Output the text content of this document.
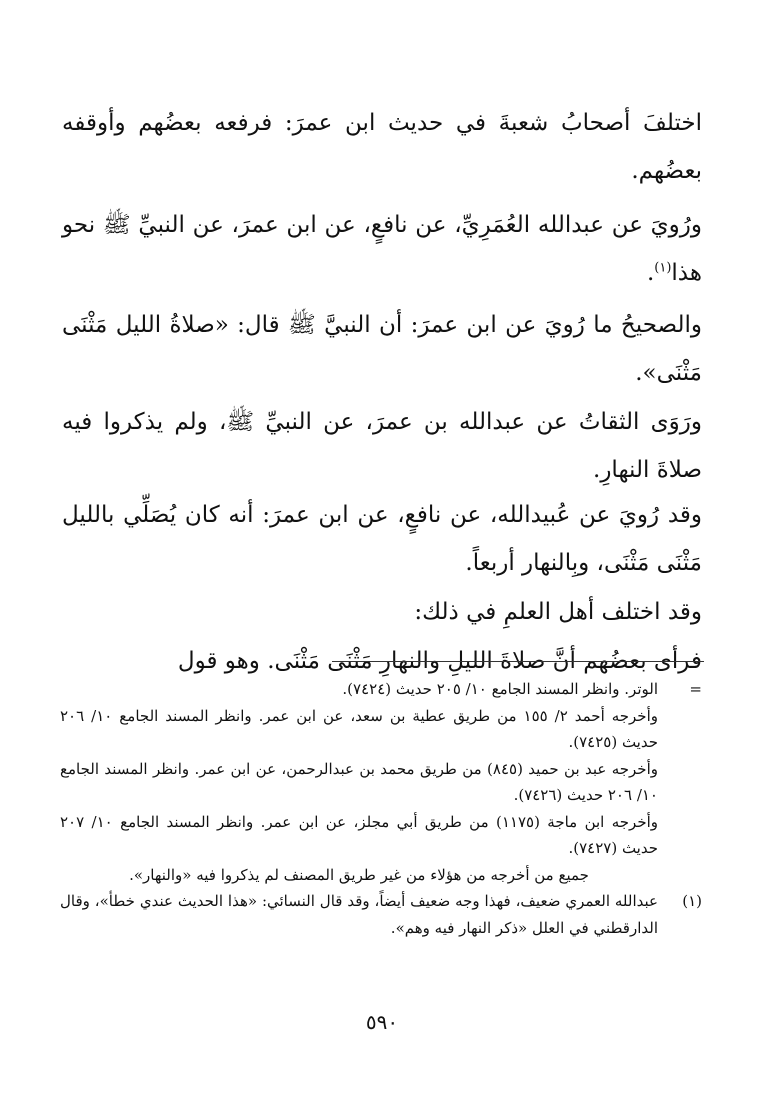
اختلفَ أصحابُ شعبةَ في حديث ابن عمرَ: فرفعه بعضُهم وأوقفه بعضُهم.

ورُويَ عن عبدالله العُمَرِيِّ، عن نافعٍ، عن ابن عمرَ، عن النبيِّ ﷺ نحو هذا$^{(١)}$.

والصحيحُ ما رُويَ عن ابن عمرَ: أن النبيَّ ﷺ قال: «صلاةُ الليل مَثْنَى مَثْنَى».

ورَوَى الثقاتُ عن عبدالله بن عمرَ، عن النبيِّ ﷺ، ولم يذكروا فيه صلاةَ النهارِ.

وقد رُويَ عن عُبيدالله، عن نافعٍ، عن ابن عمرَ: أنه كان يُصَلِّي بالليل مَثْنَى مَثْنَى، وبِالنهار أربعاً.

وقد اختلف أهل العلمِ في ذلك:

فرأى بعضُهم أنَّ صلاةَ الليلِ والنهارِ مَثْنَى مَثْنَى. وهو قول

=

الوتر. وانظر المسند الجامع ١٠/ ٢٠٥ حديث (٧٤٢٤).

وأخرجه أحمد ٢/ ١٥٥ من طريق عطية بن سعد، عن ابن عمر. وانظر المسند الجامع ١٠/ ٢٠٦ حديث (٧٤٢٥).

وأخرجه عبد بن حميد (٨٤٥) من طريق محمد بن عبدالرحمن، عن ابن عمر. وانظر المسند الجامع ١٠/ ٢٠٦ حديث (٧٤٢٦).

وأخرجه ابن ماجة (١١٧٥) من طريق أبي مجلز، عن ابن عمر. وانظر المسند الجامع ١٠/ ٢٠٧ حديث (٧٤٢٧).

جميع من أخرجه من هؤلاء من غير طريق المصنف لم يذكروا فيه «والنهار».
(١)

عبدالله العمري ضعيف، فهذا وجه ضعيف أيضاً، وقد قال النسائي: «هذا الحديث عندي خطأ»، وقال الدارقطني في العلل «ذكر النهار فيه وهم».

٥٩٠
